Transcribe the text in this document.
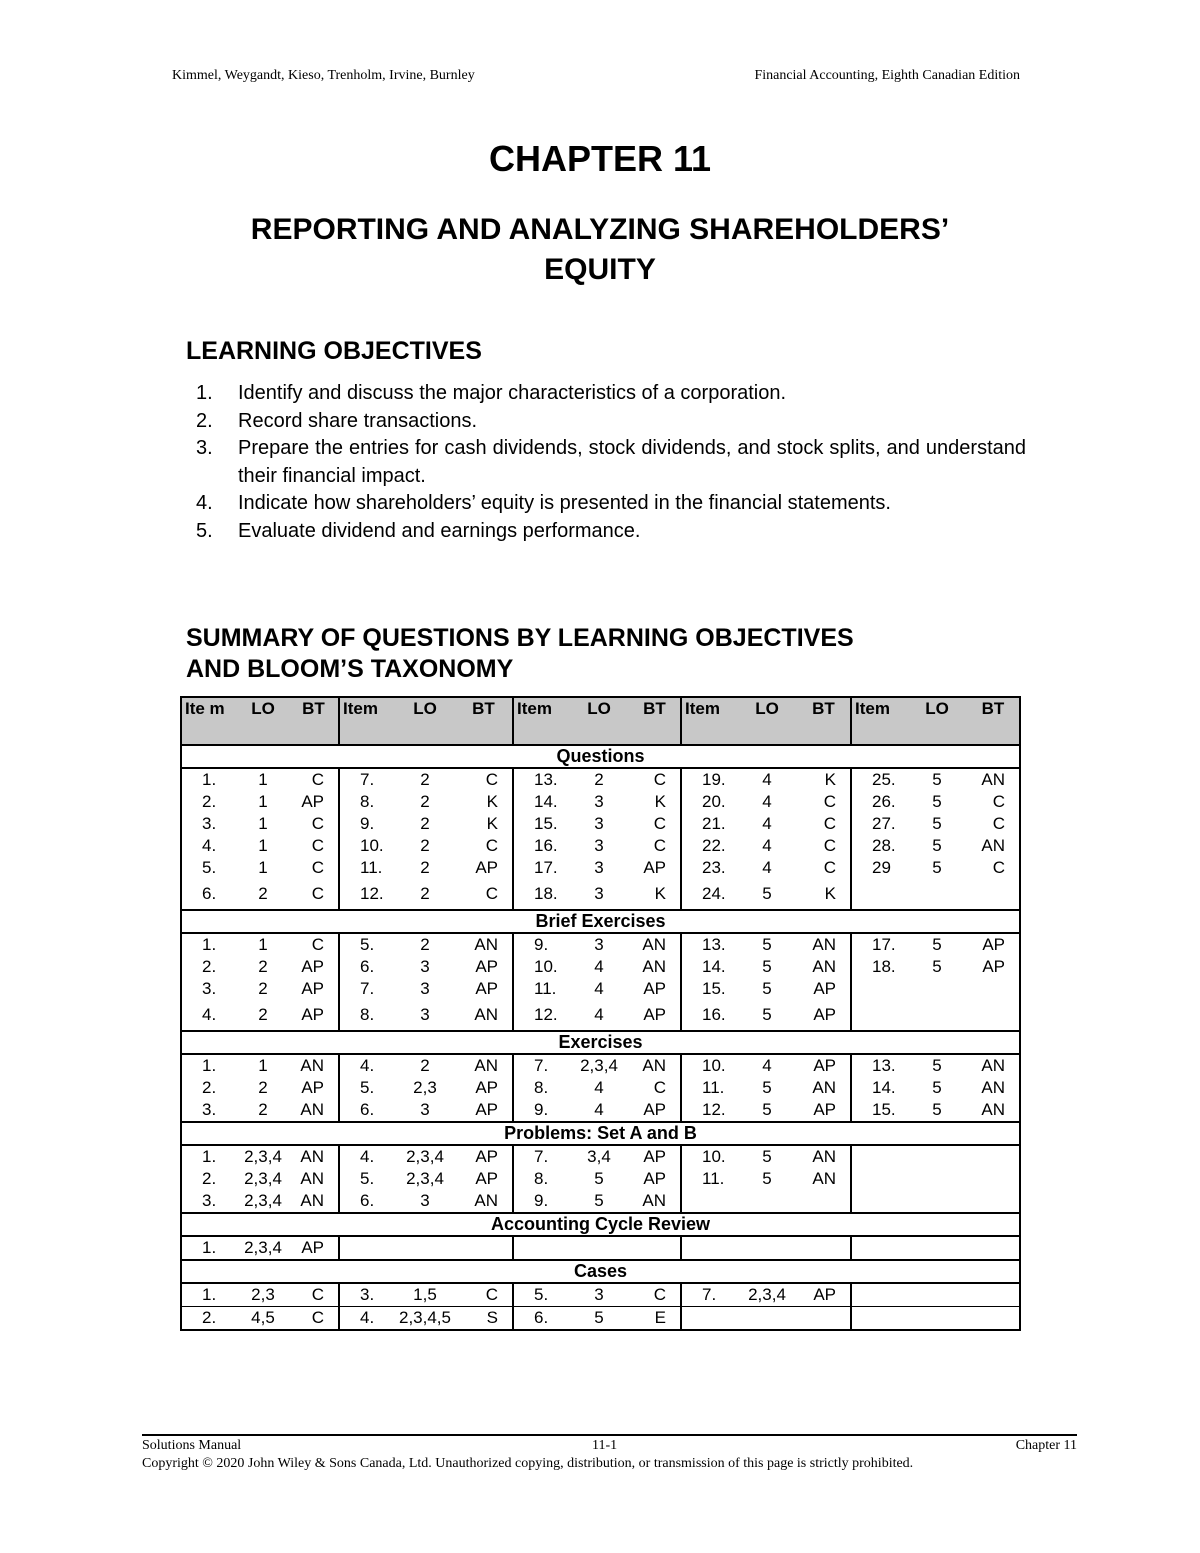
Kimmel, Weygandt, Kieso, Trenholm, Irvine, Burnley	Financial Accounting, Eighth Canadian Edition
CHAPTER 11
REPORTING AND ANALYZING SHAREHOLDERS’
EQUITY
LEARNING OBJECTIVES
1. Identify and discuss the major characteristics of a corporation.
2. Record share transactions.
3. Prepare the entries for cash dividends, stock dividends, and stock splits, and understand their financial impact.
4. Indicate how shareholders’ equity is presented in the financial statements.
5. Evaluate dividend and earnings performance.
SUMMARY OF QUESTIONS BY LEARNING OBJECTIVES
AND BLOOM’S TAXONOMY
Ite m	LO	BT	Item	LO	BT	Item	LO	BT	Item	LO	BT	Item	LO	BT
Questions														
1.	1	C	7.	2	C	13.	2	C	19.	4	K	25.	5	AN
2.	1	AP	8.	2	K	14.	3	K	20.	4	C	26.	5	C
3.	1	C	9.	2	K	15.	3	C	21.	4	C	27.	5	C
4.	1	C	10.	2	C	16.	3	C	22.	4	C	28.	5	AN
5.	1	C	11.	2	AP	17.	3	AP	23.	4	C	29	5	C
6.	2	C	12.	2	C	18.	3	K	24.	5	K			
Brief Exercises														
1.	1	C	5.	2	AN	9.	3	AN	13.	5	AN	17.	5	AP
2.	2	AP	6.	3	AP	10.	4	AN	14.	5	AN	18.	5	AP
3.	2	AP	7.	3	AP	11.	4	AP	15.	5	AP			
4.	2	AP	8.	3	AN	12.	4	AP	16.	5	AP			
Exercises														
1.	1	AN	4.	2	AN	7.	2,3,4	AN	10.	4	AP	13.	5	AN
2.	2	AP	5.	2,3	AP	8.	4	C	11.	5	AN	14.	5	AN
3.	2	AN	6.	3	AP	9.	4	AP	12.	5	AP	15.	5	AN
Problems: Set A and B														
1.	2,3,4	AN	4.	2,3,4	AP	7.	3,4	AP	10.	5	AN			
2.	2,3,4	AN	5.	2,3,4	AP	8.	5	AP	11.	5	AN			
3.	2,3,4	AN	6.	3	AN	9.	5	AN						
Accounting Cycle Review														
1.	2,3,4	AP												
Cases														
1.	2,3	C	3.	1,5	C	5.	3	C	7.	2,3,4	AP			
2.	4,5	C	4.	2,3,4,5	S	6.	5	E						
Solutions Manual	11-1	Chapter 11
Copyright © 2020 John Wiley & Sons Canada, Ltd. Unauthorized copying, distribution, or transmission of this page is strictly prohibited.
